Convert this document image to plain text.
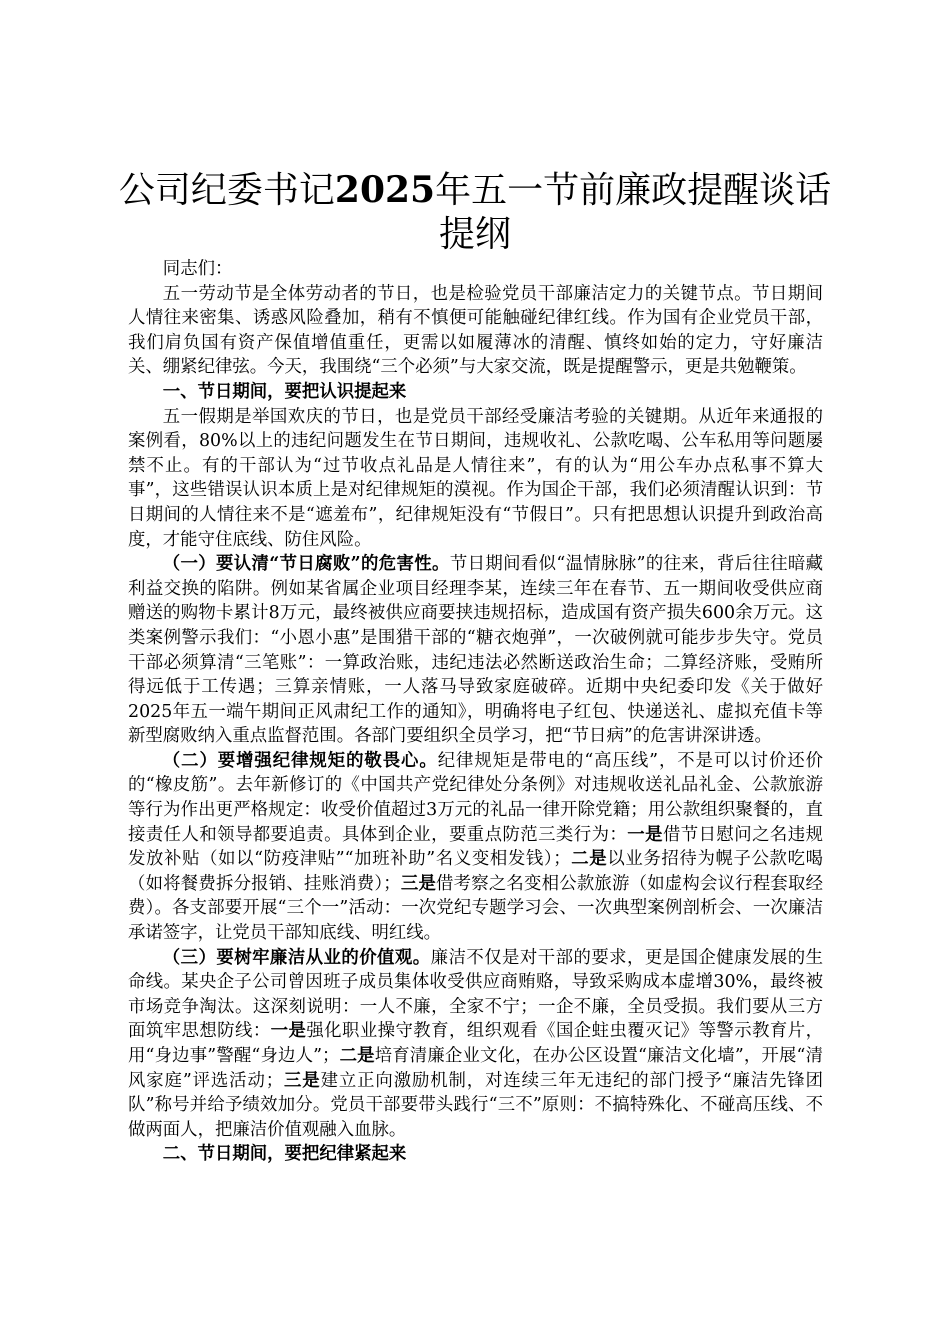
公司纪委书记2025年五一节前廉政提醒谈话提纲

同志们：

五一劳动节是全体劳动者的节日，也是检验党员干部廉洁定力的关键节点。节日期间人情往来密集、诱惑风险叠加，稍有不慎便可能触碰纪律红线。作为国有企业党员干部，我们肩负国有资产保值增值重任，更需以如履薄冰的清醒、慎终如始的定力，守好廉洁关、绷紧纪律弦。今天，我围绕“三个必须”与大家交流，既是提醒警示，更是共勉鞭策。

一、节日期间，要把认识提起来

五一假期是举国欢庆的节日，也是党员干部经受廉洁考验的关键期。从近年来通报的案例看，80%以上的违纪问题发生在节日期间，违规收礼、公款吃喝、公车私用等问题屡禁不止。有的干部认为“过节收点礼品是人情往来”，有的认为“用公车办点私事不算大事”，这些错误认识本质上是对纪律规矩的漠视。作为国企干部，我们必须清醒认识到：节日期间的人情往来不是“遮羞布”，纪律规矩没有“节假日”。只有把思想认识提升到政治高度，才能守住底线、防住风险。

（一）要认清“节日腐败”的危害性。节日期间看似“温情脉脉”的往来，背后往往暗藏利益交换的陷阱。例如某省属企业项目经理李某，连续三年在春节、五一期间收受供应商赠送的购物卡累计8万元，最终被供应商要挟违规招标，造成国有资产损失600余万元。这类案例警示我们：“小恩小惠”是围猎干部的“糖衣炮弹”，一次破例就可能步步失守。党员干部必须算清“三笔账”：一算政治账，违纪违法必然断送政治生命；二算经济账，受贿所得远低于工传遇；三算亲情账，一人落马导致家庭破碎。近期中央纪委印发《关于做好2025年五一端午期间正风肃纪工作的通知》，明确将电子红包、快递送礼、虚拟充值卡等新型腐败纳入重点监督范围。各部门要组织全员学习，把“节日病”的危害讲深讲透。

（二）要增强纪律规矩的敬畏心。纪律规矩是带电的“高压线”，不是可以讨价还价的“橡皮筋”。去年新修订的《中国共产党纪律处分条例》对违规收送礼品礼金、公款旅游等行为作出更严格规定：收受价值超过3万元的礼品一律开除党籍；用公款组织聚餐的，直接责任人和领导都要追责。具体到企业，要重点防范三类行为：一是借节日慰问之名违规发放补贴（如以“防疫津贴”“加班补助”名义变相发钱）；二是以业务招待为幌子公款吃喝（如将餐费拆分报销、挂账消费）；三是借考察之名变相公款旅游（如虚构会议行程套取经费）。各支部要开展“三个一”活动：一次党纪专题学习会、一次典型案例剖析会、一次廉洁承诺签字，让党员干部知底线、明红线。

（三）要树牢廉洁从业的价值观。廉洁不仅是对干部的要求，更是国企健康发展的生命线。某央企子公司曾因班子成员集体收受供应商贿赂，导致采购成本虚增30%，最终被市场竞争淘汰。这深刻说明：一人不廉，全家不宁；一企不廉，全员受损。我们要从三方面筑牢思想防线：一是强化职业操守教育，组织观看《国企蛀虫覆灭记》等警示教育片，用“身边事”警醒“身边人”；二是培育清廉企业文化，在办公区设置“廉洁文化墙”，开展“清风家庭”评选活动；三是建立正向激励机制，对连续三年无违纪的部门授予“廉洁先锋团队”称号并给予绩效加分。党员干部要带头践行“三不”原则：不搞特殊化、不碰高压线、不做两面人，把廉洁价值观融入血脉。

二、节日期间，要把纪律紧起来
